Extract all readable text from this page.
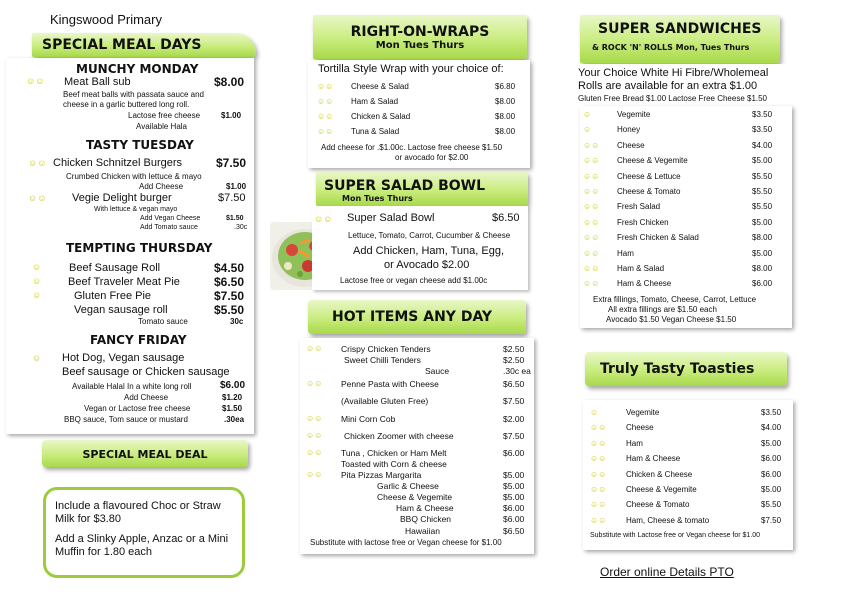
Kingswood Primary
SPECIAL MEAL DAYS
MUNCHY MONDAY
☺☺ Meat Ball sub	$8.00
Beef meat balls with passata sauce and
cheese in a garlic buttered long roll.
Lactose free cheese	$1.00
Available Hala
TASTY TUESDAY
☺☺ Chicken Schnitzel Burgers	$7.50
Crumbed Chicken with lettuce & mayo
Add Cheese	$1.00
☺☺ Vegie Delight burger	$7.50
With lettuce & vegan mayo
Add Vegan Cheese	$1.50
Add Tomato sauce	.30c
TEMPTING THURSDAY
☺	Beef Sausage Roll	$4.50
☺ Beef Traveler Meat Pie	$6.50
☺	Gluten Free Pie	$7.50
Vegan sausage roll	$5.50
Tomato sauce	30c
FANCY FRIDAY
☺ Hot Dog, Vegan sausage
Beef sausage or Chicken sausage
Available Halal In a white long roll	$6.00
Add Cheese	$1.20
Vegan or Lactose free cheese	$1.50
BBQ sauce, Tom sauce or mustard	.30ea
SPECIAL MEAL DEAL
Include a flavoured Choc or Straw Milk for $3.80
Add a Slinky Apple, Anzac or a Mini Muffin for 1.80 each
RIGHT-ON-WRAPS
Mon Tues Thurs
Tortilla Style Wrap with your choice of:
☺☺ Cheese & Salad	$6.80
☺☺ Ham & Salad	$8.00
☺☺ Chicken & Salad	$8.00
☺☺ Tuna & Salad	$8.00
Add cheese for .$1.00c. Lactose free cheese $1.50
or avocado for $2.00
SUPER SALAD BOWL
Mon Tues Thurs
☺☺ Super Salad Bowl	$6.50
Lettuce, Tomato, Carrot, Cucumber & Cheese
Add Chicken, Ham, Tuna, Egg,
or Avocado $2.00
Lactose free or vegan cheese add $1.00c
HOT ITEMS ANY DAY
☺☺ Crispy Chicken Tenders	$2.50
Sweet Chilli Tenders	$2.50
Sauce	.30c ea
☺☺ Penne Pasta with Cheese	$6.50
(Available Gluten Free)	$7.50
☺☺ Mini Corn Cob	$2.00
☺☺	Chicken Zoomer with cheese	$7.50
☺☺ Tuna , Chicken or Ham Melt	$6.00
Toasted with Corn & cheese
☺☺ Pita Pizzas Margarita	$5.00
Garlic & Cheese	$5.00
Cheese & Vegemite	$5.00
Ham & Cheese	$6.00
BBQ Chicken	$6.00
Hawaiian	$6.50
Substitute with lactose free or Vegan cheese for $1.00
SUPER SANDWICHES
& ROCK 'N' ROLLS Mon, Tues Thurs
Your Choice White Hi Fibre/Wholemeal
Rolls are available for an extra $1.00
Gluten Free Bread $1.00 Lactose Free Cheese $1.50
☺	Vegemite	$3.50
☺	Honey	$3.50
☺☺ Cheese	$4.00
☺☺ Cheese & Vegemite	$5.00
☺☺ Cheese & Lettuce	$5.50
☺☺ Cheese & Tomato	$5.50
☺☺ Fresh Salad	$5.50
☺☺ Fresh Chicken	$5.00
☺☺ Fresh Chicken & Salad	$8.00
☺☺ Ham	$5.00
☺☺ Ham & Salad	$8.00
☺☺ Ham & Cheese	$6.00
Extra fillings, Tomato, Cheese, Carrot, Lettuce
All extra fillings are $1.50 each
Avocado $1.50 Vegan Cheese $1.50
Truly Tasty Toasties
☺	Vegemite	$3.50
☺☺ Cheese	$4.00
☺☺ Ham	$5.00
☺☺ Ham & Cheese	$6.00
☺☺ Chicken & Cheese	$6.00
☺☺ Cheese & Vegemite	$5.00
☺☺ Cheese & Tomato	$5.50
☺☺ Ham, Cheese & tomato	$7.50
Substitute with Lactose free or Vegan cheese for $1.00
Order online Details PTO
